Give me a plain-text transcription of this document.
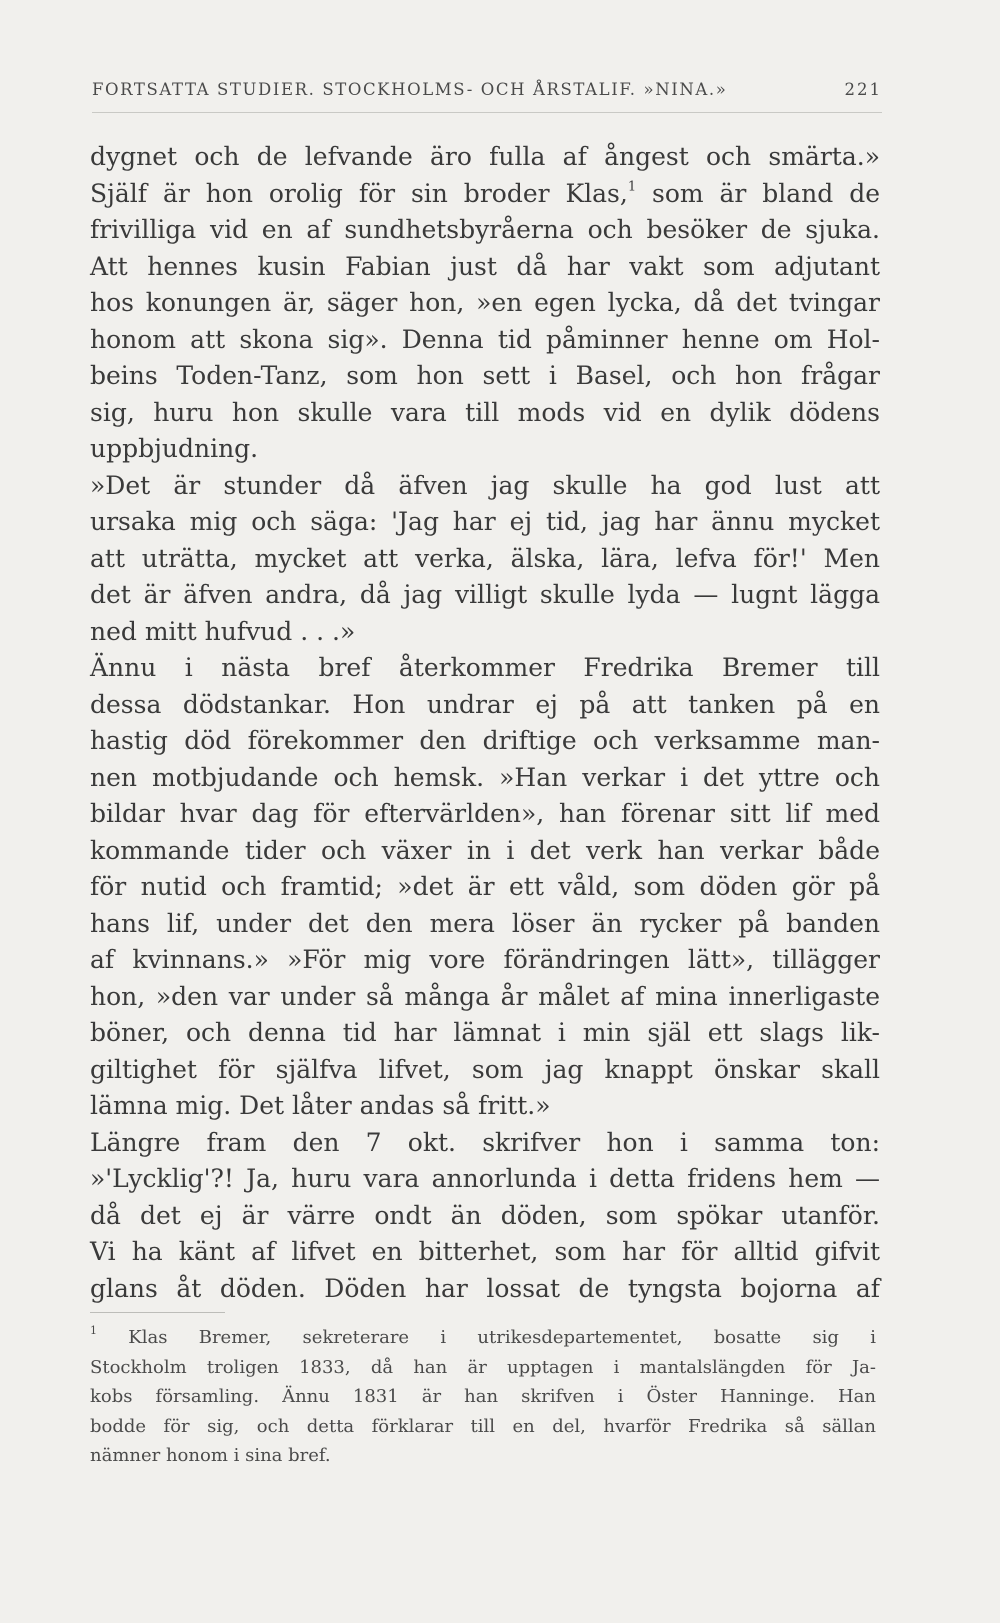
FORTSATTA STUDIER. STOCKHOLMS- OCH ÅRSTALIF. »NINA.»	221
dygnet och de lefvande äro fulla af ångest och smärta.»
Själf är hon orolig för sin broder Klas,$^1$ som är bland de
frivilliga vid en af sundhetsbyråerna och besöker de sjuka.
Att hennes kusin Fabian just då har vakt som adjutant
hos konungen är, säger hon, »en egen lycka, då det tvingar
honom att skona sig». Denna tid påminner henne om Hol-
beins Toden-Tanz, som hon sett i Basel, och hon frågar
sig, huru hon skulle vara till mods vid en dylik dödens
uppbjudning.
»Det är stunder då äfven jag skulle ha god lust att
ursaka mig och säga: 'Jag har ej tid, jag har ännu mycket
att uträtta, mycket att verka, älska, lära, lefva för!' Men
det är äfven andra, då jag villigt skulle lyda — lugnt lägga
ned mitt hufvud . . .»
Ännu i nästa bref återkommer Fredrika Bremer till
dessa dödstankar. Hon undrar ej på att tanken på en
hastig död förekommer den driftige och verksamme man-
nen motbjudande och hemsk. »Han verkar i det yttre och
bildar hvar dag för eftervärlden», han förenar sitt lif med
kommande tider och växer in i det verk han verkar både
för nutid och framtid; »det är ett våld, som döden gör på
hans lif, under det den mera löser än rycker på banden
af kvinnans.» »För mig vore förändringen lätt», tillägger
hon, »den var under så många år målet af mina innerligaste
böner, och denna tid har lämnat i min själ ett slags lik-
giltighet för själfva lifvet, som jag knappt önskar skall
lämna mig. Det låter andas så fritt.»
Längre fram den 7 okt. skrifver hon i samma ton:
»'Lycklig'?! Ja, huru vara annorlunda i detta fridens hem —
då det ej är värre ondt än döden, som spökar utanför.
Vi ha känt af lifvet en bitterhet, som har för alltid gifvit
glans åt döden. Döden har lossat de tyngsta bojorna af
$^1$ Klas Bremer, sekreterare i utrikesdepartementet, bosatte sig i
Stockholm troligen 1833, då han är upptagen i mantalslängden för Ja-
kobs församling. Ännu 1831 är han skrifven i Öster Hanninge. Han
bodde för sig, och detta förklarar till en del, hvarför Fredrika så sällan
nämner honom i sina bref.
